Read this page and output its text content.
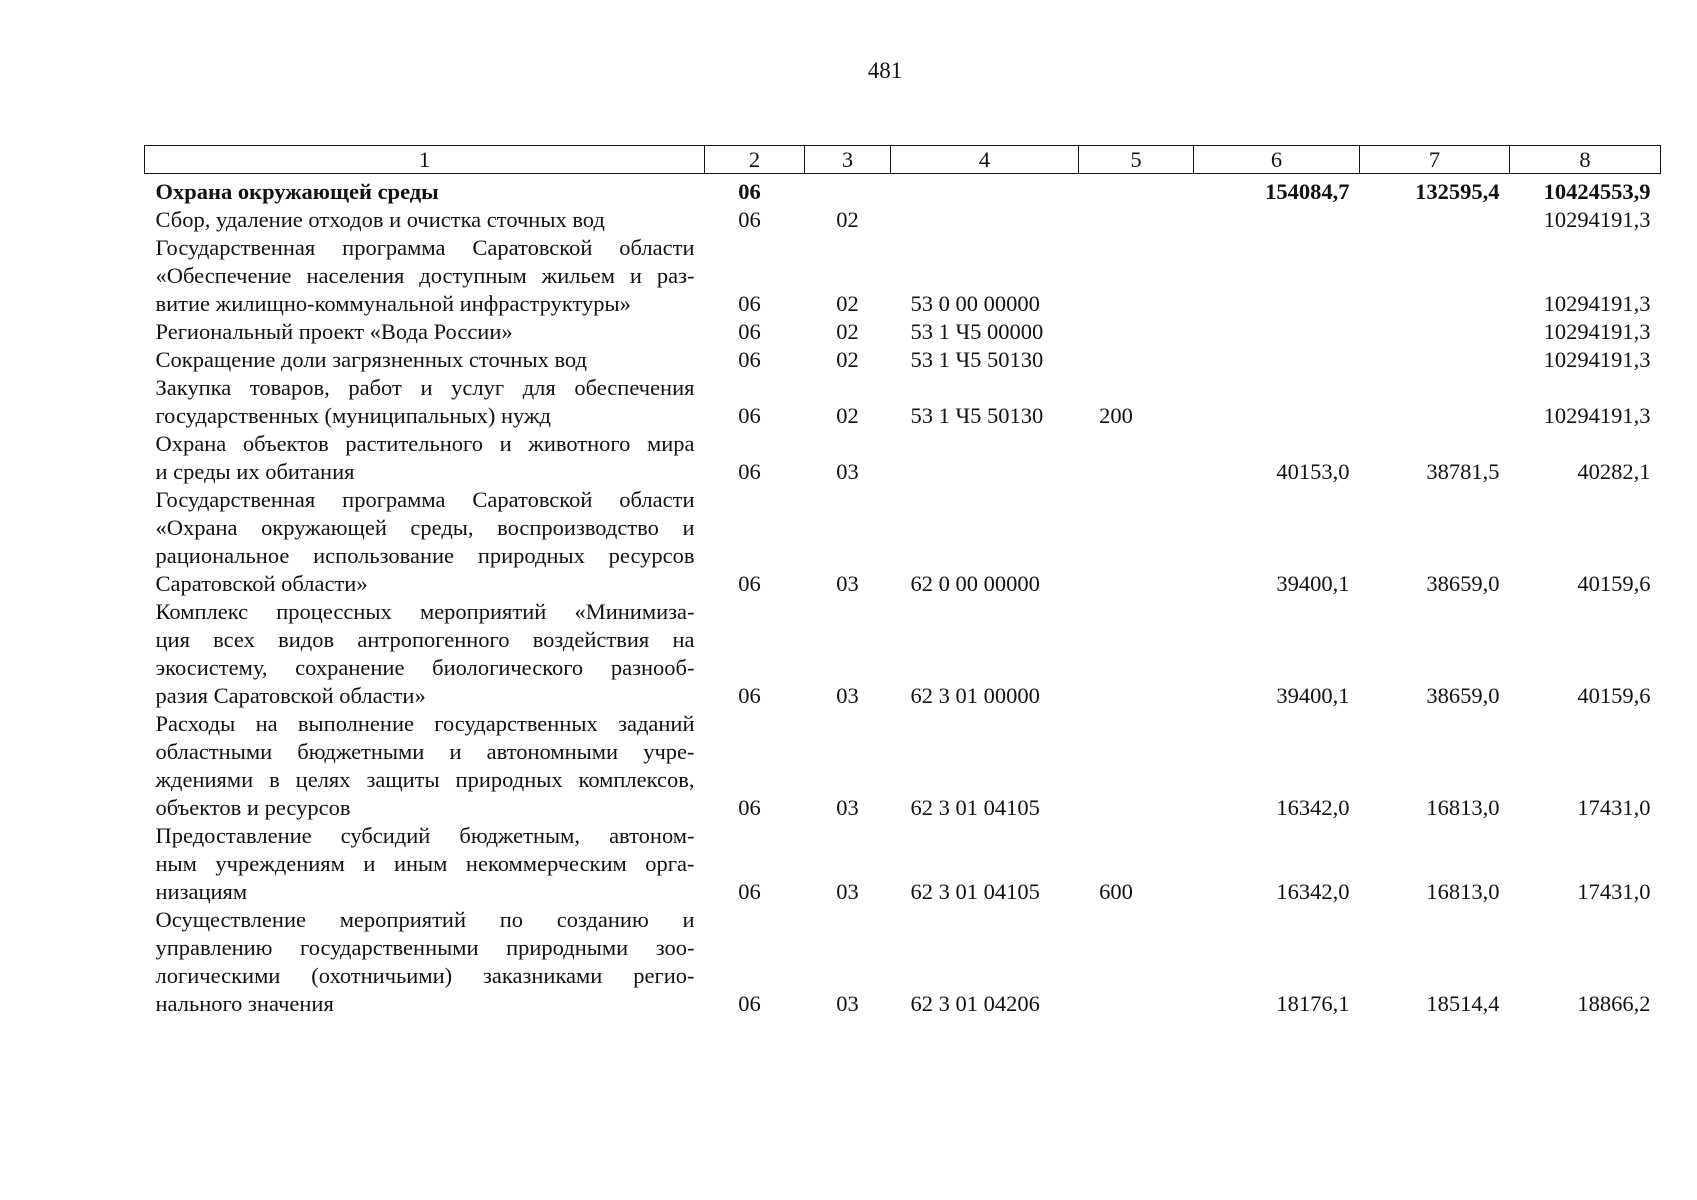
481
1	2	3	4	5	6	7	8

Охрана окружающей среды	06				154084,7	132595,4	10424553,9

Сбор, удаление отходов и очистка сточных вод	06	02					10294191,3

Государственная программа Саратовской области
«Обеспечение населения доступным жильем и раз-
витие жилищно-коммунальной инфраструктуры»	06	02	53 0 00 00000				10294191,3

Региональный проект «Вода России»	06	02	53 1 Ч5 00000				10294191,3

Сокращение доли загрязненных сточных вод	06	02	53 1 Ч5 50130				10294191,3

Закупка товаров, работ и услуг для обеспечения
государственных (муниципальных) нужд	06	02	53 1 Ч5 50130	200			10294191,3

Охрана объектов растительного и животного мира
и среды их обитания	06	03			40153,0	38781,5	40282,1

Государственная программа Саратовской области
«Охрана окружающей среды, воспроизводство и
рациональное использование природных ресурсов
Саратовской области»	06	03	62 0 00 00000		39400,1	38659,0	40159,6

Комплекс процессных мероприятий «Минимиза-
ция всех видов антропогенного воздействия на
экосистему, сохранение биологического разнооб-
разия Саратовской области»	06	03	62 3 01 00000		39400,1	38659,0	40159,6

Расходы на выполнение государственных заданий
областными бюджетными и автономными учре-
ждениями в целях защиты природных комплексов,
объектов и ресурсов	06	03	62 3 01 04105		16342,0	16813,0	17431,0

Предоставление субсидий бюджетным, автоном-
ным учреждениям и иным некоммерческим орга-
низациям	06	03	62 3 01 04105	600	16342,0	16813,0	17431,0

Осуществление мероприятий по созданию и
управлению государственными природными зоо-
логическими (охотничьими) заказниками регио-
нального значения	06	03	62 3 01 04206		18176,1	18514,4	18866,2
